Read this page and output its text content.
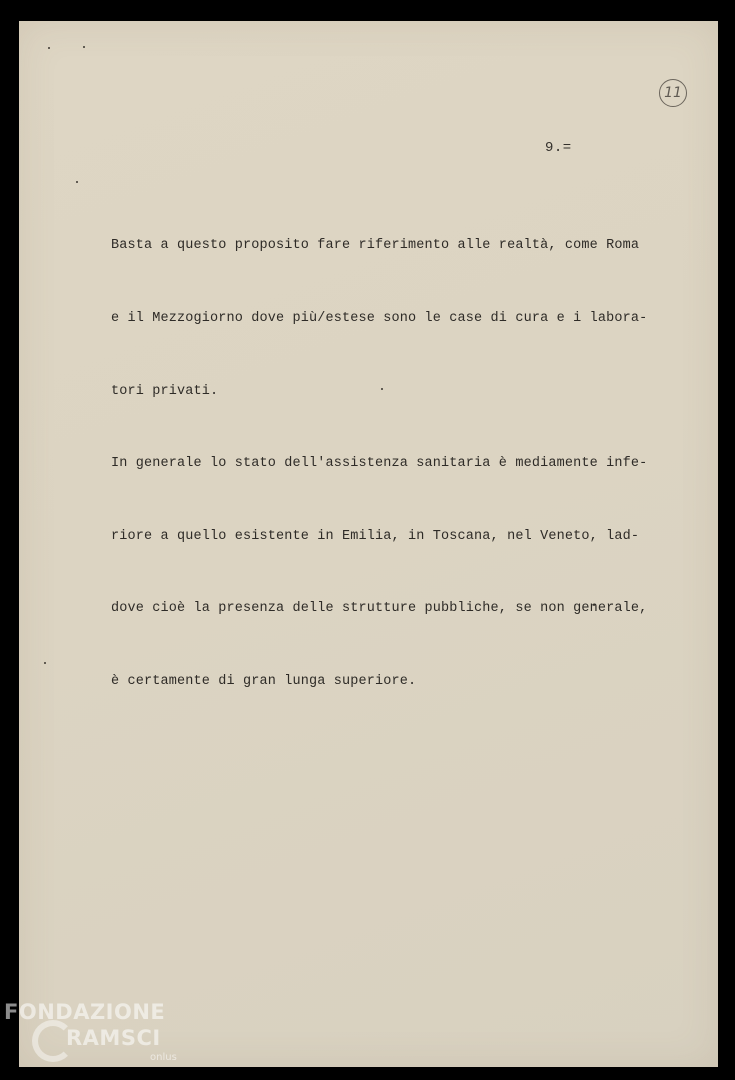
11
9.=

Basta a questo proposito fare riferimento alle realtà, come Roma

e il Mezzogiorno dove più/estese sono le case di cura e i labora-

tori privati.

In generale lo stato dell'assistenza sanitaria è mediamente infe-

riore a quello esistente in Emilia, in Toscana, nel Veneto, lad-

dove cioè la presenza delle strutture pubbliche, se non generale,

è certamente di gran lunga superiore.

FONDAZIONE
RAMSCI
onlus
